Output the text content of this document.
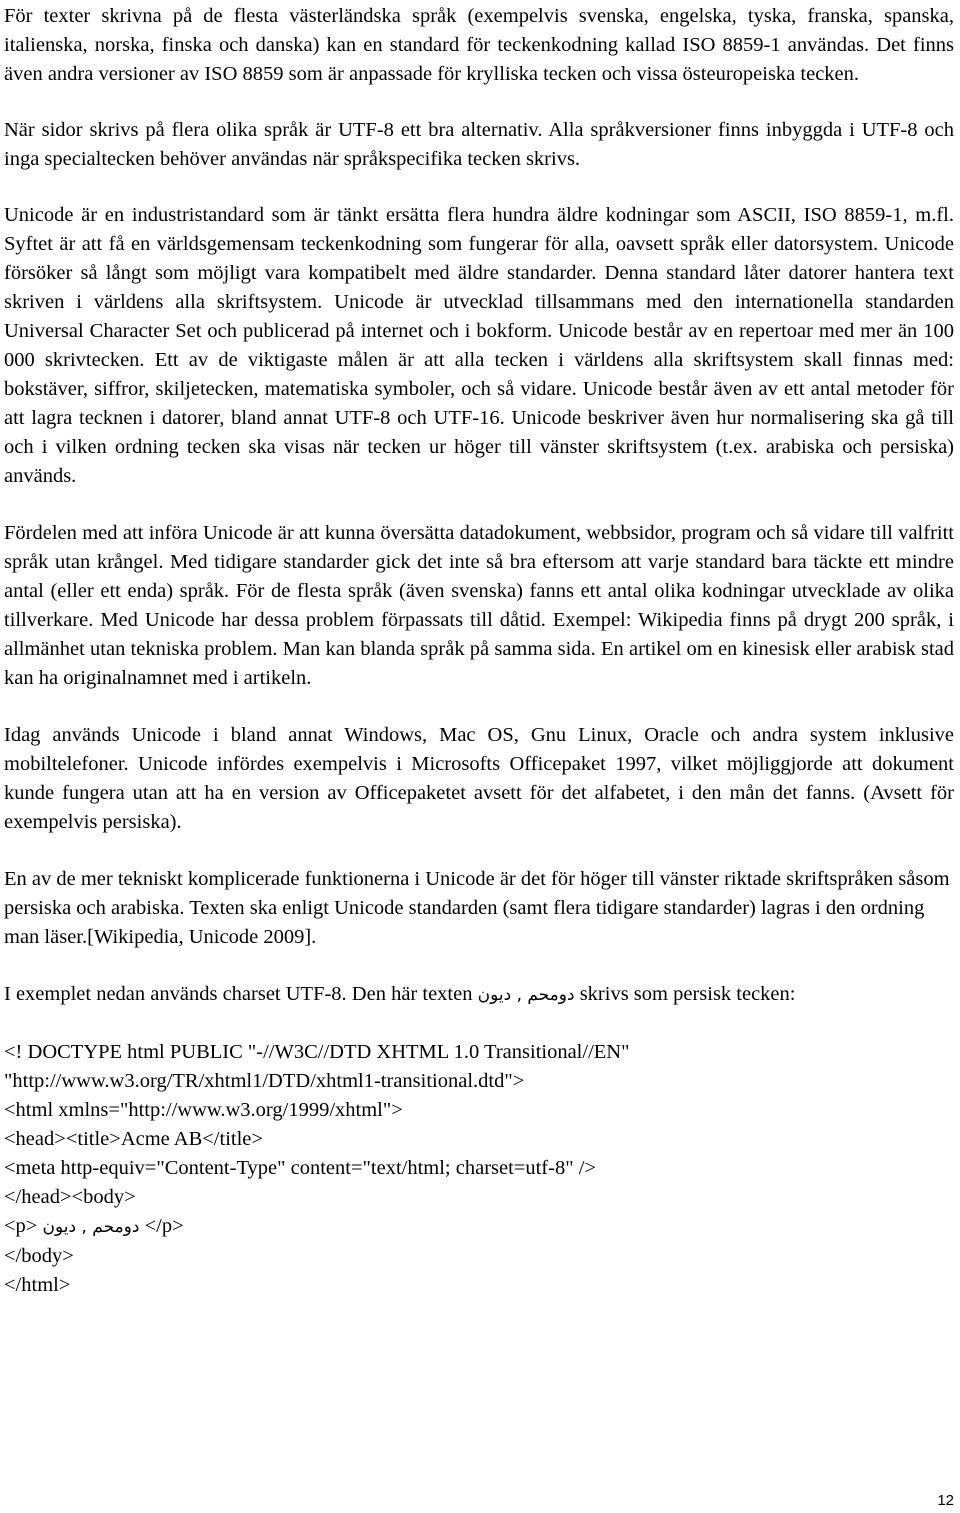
För texter skrivna på de flesta västerländska språk (exempelvis svenska, engelska, tyska, franska, spanska, italienska, norska, finska och danska) kan en standard för teckenkodning kallad ISO 8859-1 användas. Det finns även andra versioner av ISO 8859 som är anpassade för krylliska tecken och vissa östeuropeiska tecken.

När sidor skrivs på flera olika språk är UTF-8 ett bra alternativ. Alla språkversioner finns inbyggda i UTF-8 och inga specialtecken behöver användas när språkspecifika tecken skrivs.

Unicode är en industristandard som är tänkt ersätta flera hundra äldre kodningar som ASCII, ISO 8859-1, m.fl. Syftet är att få en världsgemensam teckenkodning som fungerar för alla, oavsett språk eller datorsystem. Unicode försöker så långt som möjligt vara kompatibelt med äldre standarder. Denna standard låter datorer hantera text skriven i världens alla skriftsystem. Unicode är utvecklad tillsammans med den internationella standarden Universal Character Set och publicerad på internet och i bokform. Unicode består av en repertoar med mer än 100 000 skrivtecken. Ett av de viktigaste målen är att alla tecken i världens alla skriftsystem skall finnas med: bokstäver, siffror, skiljetecken, matematiska symboler, och så vidare. Unicode består även av ett antal metoder för att lagra tecknen i datorer, bland annat UTF-8 och UTF-16. Unicode beskriver även hur normalisering ska gå till och i vilken ordning tecken ska visas när tecken ur höger till vänster skriftsystem (t.ex. arabiska och persiska) används.

Fördelen med att införa Unicode är att kunna översätta datadokument, webbsidor, program och så vidare till valfritt språk utan krångel. Med tidigare standarder gick det inte så bra eftersom att varje standard bara täckte ett mindre antal (eller ett enda) språk. För de flesta språk (även svenska) fanns ett antal olika kodningar utvecklade av olika tillverkare. Med Unicode har dessa problem förpassats till dåtid. Exempel: Wikipedia finns på drygt 200 språk, i allmänhet utan tekniska problem. Man kan blanda språk på samma sida. En artikel om en kinesisk eller arabisk stad kan ha originalnamnet med i artikeln.

Idag används Unicode i bland annat Windows, Mac OS, Gnu Linux, Oracle och andra system inklusive mobiltelefoner. Unicode infördes exempelvis i Microsofts Officepaket 1997, vilket möjliggjorde att dokument kunde fungera utan att ha en version av Officepaketet avsett för det alfabetet, i den mån det fanns. (Avsett för exempelvis persiska).

En av de mer tekniskt komplicerade funktionerna i Unicode är det för höger till vänster riktade skriftspråken såsom persiska och arabiska. Texten ska enligt Unicode standarden (samt flera tidigare standarder) lagras i den ordning man läser.[Wikipedia, Unicode 2009].

I exemplet nedan används charset UTF-8. Den här texten دومحم , دیون skrivs som persisk tecken:

<! DOCTYPE html PUBLIC "-//W3C//DTD XHTML 1.0 Transitional//EN"
"http://www.w3.org/TR/xhtml1/DTD/xhtml1-transitional.dtd">
<html xmlns="http://www.w3.org/1999/xhtml">
<head><title>Acme AB</title>
<meta http-equiv="Content-Type" content="text/html; charset=utf-8" />
</head><body>
<p> دومحم , دیون </p>
</body>
</html>
12
